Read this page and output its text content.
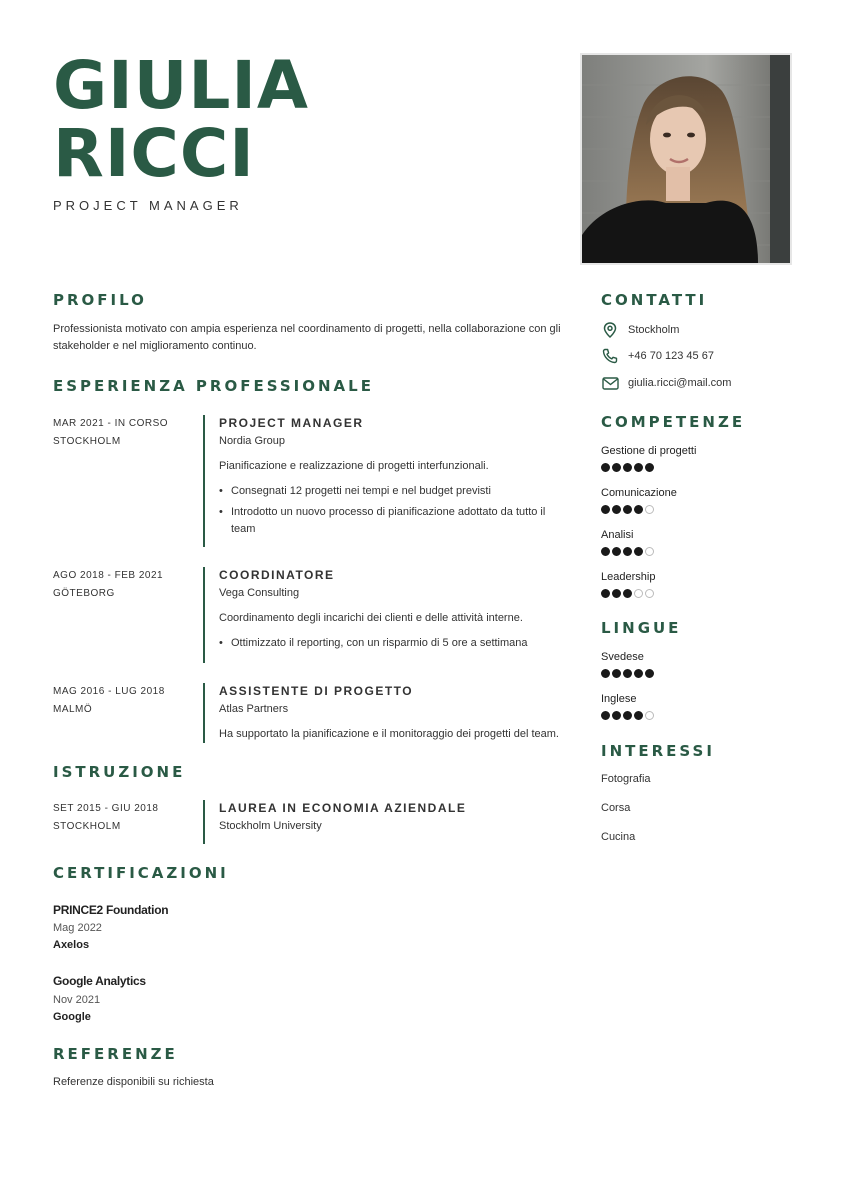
GIULIA
RICCI
PROJECT MANAGER
PROFILO
Professionista motivato con ampia esperienza nel coordinamento di progetti, nella collaborazione con gli
stakeholder e nel miglioramento continuo.
ESPERIENZA PROFESSIONALE
MAR 2021 - IN CORSO
STOCKHOLM
PROJECT MANAGER
Nordia Group
Pianificazione e realizzazione di progetti interfunzionali.
• Consegnati 12 progetti nei tempi e nel budget previsti
• Introdotto un nuovo processo di pianificazione adottato da tutto il team
AGO 2018 - FEB 2021
GÖTEBORG
COORDINATORE
Vega Consulting
Coordinamento degli incarichi dei clienti e delle attività interne.
• Ottimizzato il reporting, con un risparmio di 5 ore a settimana
MAG 2016 - LUG 2018
MALMÖ
ASSISTENTE DI PROGETTO
Atlas Partners
Ha supportato la pianificazione e il monitoraggio dei progetti del team.
ISTRUZIONE
SET 2015 - GIU 2018
STOCKHOLM
LAUREA IN ECONOMIA AZIENDALE
Stockholm University
CERTIFICAZIONI
PRINCE2 Foundation
Mag 2022
Axelos
Google Analytics
Nov 2021
Google
REFERENZE
Referenze disponibili su richiesta
CONTATTI
Stockholm
+46 70 123 45 67
giulia.ricci@mail.com
COMPETENZE
Gestione di progetti
Comunicazione
Analisi
Leadership
LINGUE
Svedese
Inglese
INTERESSI
Fotografia
Corsa
Cucina
